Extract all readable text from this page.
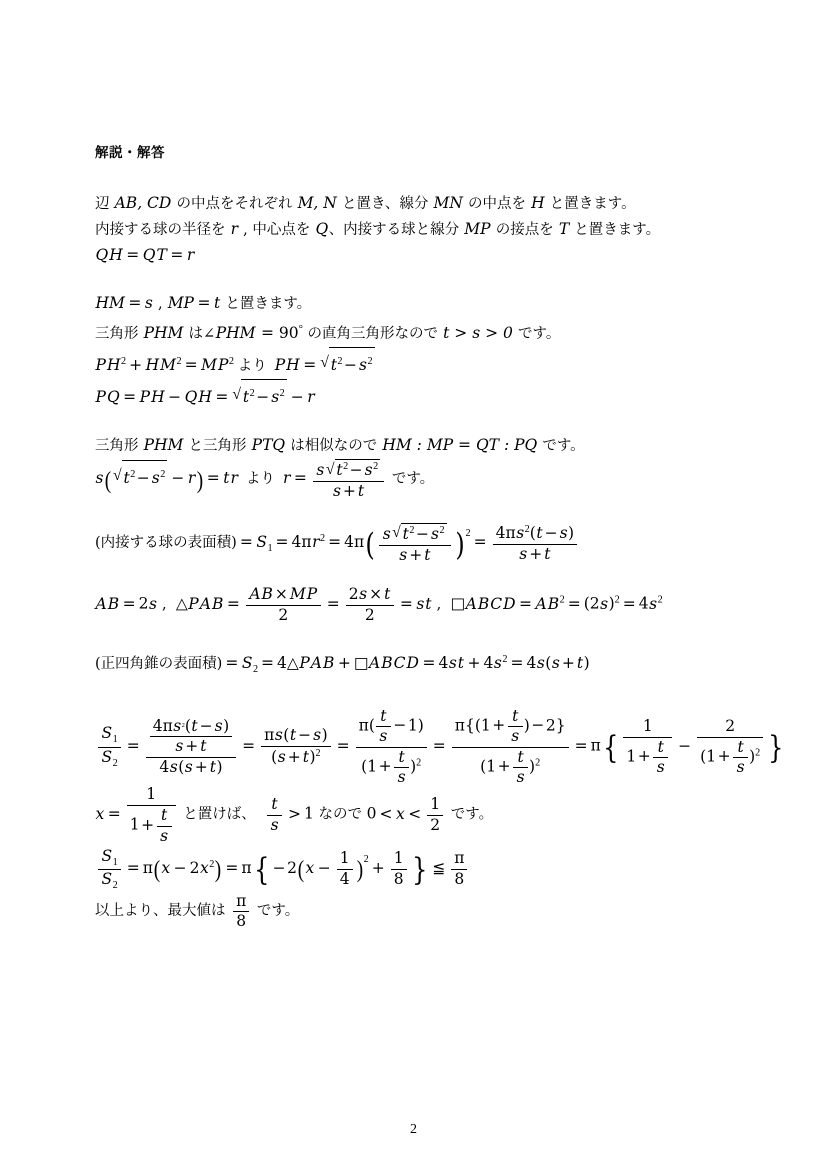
解説・解答
辺 AB, CD の中点をそれぞれ M, N と置き、線分 MN の中点を H と置きます。
内接する球の半径を r , 中心点を Q、内接する球と線分 MP の接点を T と置きます。
QH = QT = r
HM = s , MP = t と置きます。
三角形 PHM は∠PHM = 90° の直角三角形なので t > s > 0 です。
$PH^2 + HM^2 = MP^2$ より PH = √ $t^2- s^2$
PQ = PH − QH = √ $t^2- s^2 - r$
三角形 PHM と三角形 PTQ は相似なので HM : MP = QT : PQ です。
s( √ $t^2- s^2 - r$) = tr より $r = \frac{s √ t^2- s^2}{s + t}$ です。
(内接する球の表面積) = $S_1 = 4\pi r^2 = 4\pi( \frac{s √ t^2- s^2}{s + t} )2 = \frac{4\pi s^2(t - s)}{s + t}$
AB = 2s ,  △PAB = $\frac{AB \times MP}{2} = \frac{2s \times t}{2}$ = st ,  □ABCD = $AB^2 = (2s)^2 = 4s^2$
(正四角錐の表面積) = $S_2$ = 4△PAB + □ABCD = $4st + 4s^2 = 4s(s + t)$
$\frac{S_1}{S_2} = \frac{\frac{4\pi s^2(t - s)}{s + t}}{4s(s + t)} = \frac{\pi s(t - s)}{(s + t)^2} = \frac{\pi( \frac{t}{s} -1)}{(1+ \frac{t}{s} )^2} = \frac{\pi\{(1+ \frac{t}{s} )-2\}}{(1+ \frac{t}{s} )^2} = \pi\{ \frac{1}{1+ \frac{t}{s}} - \frac{2}{(1+ \frac{t}{s} )^2}$ }
$x = \frac{1}{1+ \frac{t}{s}}$ と置けば、 $\frac{t}{s} > 1$ なので $0 < x < \frac{1}{2}$ です。
$\frac{S_1}{S_2} = \pi(x - 2x^2) = \pi\{ -2(x - \frac{1}{4} )2 + \frac{1}{8}$ } ≦ $\frac{\pi}{8}$
以上より、最大値は $\frac{\pi}{8}$ です。
2
